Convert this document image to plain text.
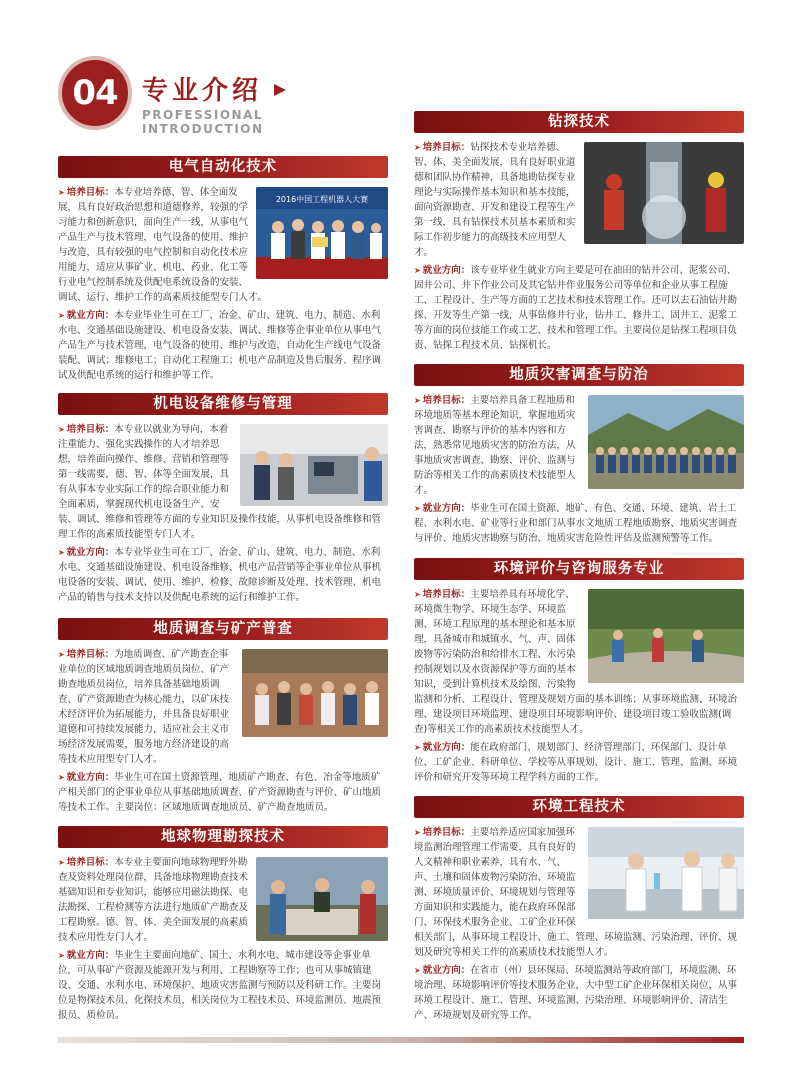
04 专业介绍
PROFESSIONAL INTRODUCTION
电气自动化技术
2016中国工程机器人大赛

➤ 培养目标：本专业培养德、智、体全面发展，具有良好政治思想和道德修养，较强的学习能力和创新意识，面向生产一线，从事电气产品生产与技术管理，电气设备的使用、维护与改造，具有较强的电气控制和自动化技术应用能力，适应从事矿业、机电、药业、化工等行业电气控制系统及供配电系统设备的安装、调试、运行、维护工作的高素质技能型专门人才。

➤ 就业方向：本专业毕业生可在工厂、冶金、矿山、建筑、电力、制造、水利水电、交通基础设施建设、机电设备安装、调试、维修等企事业单位从事电气产品生产与技术管理，电气设备的使用、维护与改造，自动化生产线电气设备装配、调试；维修电工；自动化工程施工；机电产品制造及售后服务、程序调试及供配电系统的运行和维护等工作。

机电设备维修与管理

➤ 培养目标：本专业以就业为导向，本着注重能力、强化实践操作的人才培养思想，培养面向操作、维修、营销和管理等第一线需要，德、智、体等全面发展，具有从事本专业实际工作的综合职业能力和全面素质，掌握现代机电设备生产、安装、调试、维修和管理等方面的专业知识及操作技能，从事机电设备维修和管理工作的高素质技能型专门人才。

➤ 就业方向：本专业毕业生可在工厂、冶金、矿山、建筑、电力、制造、水利水电、交通基础设施建设、机电设备维修、机电产品营销等企事业单位从事机电设备的安装、调试、使用、维护、检修、故障诊断及处理、技术管理、机电产品的销售与技术支持以及供配电系统的运行和维护工作。

地质调查与矿产普查

➤ 培养目标：为地质调查、矿产勘查企事业单位的区域地质调查地质员岗位、矿产勘查地质员岗位，培养具备基础地质调查、矿产资源勘查为核心能力，以矿床技术经济评价为拓展能力，并具备良好职业道德和可持续发展能力，适应社会主义市场经济发展需要，服务地方经济建设的高等技术应用型专门人才。

➤ 就业方向：毕业生可在国土资源管理、地质矿产勘查、有色、冶金等地质矿产相关部门的企事业单位从事基础地质调查、矿产资源勘查与评价、矿山地质等技术工作。主要岗位：区域地质调查地质员、矿产勘查地质员。

地球物理勘探技术

➤ 培养目标：本专业主要面向地球物理野外勘查及资料处理岗位群，具备地球物理勘查技术基础知识和专业知识，能够应用磁法勘探、电法勘探、工程检测等方法进行地质矿产勘查及工程勘察。德、智、体、美全面发展的高素质技术应用性专门人才。

➤ 就业方向：毕业生主要面向地矿、国土、水利水电、城市建设等企事业单位，可从事矿产资源及能源开发与利用、工程勘察等工作；也可从事城镇建设、交通、水利水电、环境保护、地质灾害监测与预防以及科研工作。主要岗位是物探技术员、化探技术员，相关岗位为工程技术员、环境监测员、地震预报员、质检员。

钻探技术

➤ 培养目标：钻探技术专业培养德、智、体、美全面发展，具有良好职业道德和团队协作精神，具备地勘钻探专业理论与实际操作基本知识和基本技能，面向资源勘查、开发和建设工程等生产第一线，具有钻探技术员基本素质和实际工作初步能力的高级技术应用型人才。

➤ 就业方向：该专业毕业生就业方向主要是可在油田的钻井公司、泥浆公司、固井公司、井下作业公司及其它钻井作业服务公司等单位和企业从事工程施工、工程设计、生产等方面的工艺技术和技术管理工作。还可以去石油钻井勘探、开发等生产第一线，从事钻修井行业，钻井工、修井工、固井工、泥浆工等方面的岗位技能工作或工艺、技术和管理工作。主要岗位是钻探工程项目负责、钻探工程技术员、钻探机长。

地质灾害调查与防治

➤ 培养目标：主要培养具备工程地质和环境地质等基本理论知识，掌握地质灾害调查、勘察与评价的基本内容和方法，熟悉常见地质灾害的防治方法，从事地质灾害调查、勘察、评价、监测与防治等相关工作的高素质技术技能型人才。

➤ 就业方向：毕业生可在国土资源、地矿、有色、交通、环境、建筑、岩土工程、水利水电、矿业等行业和部门从事水文地质工程地质勘察、地质灾害调查与评价、地质灾害勘察与防治、地质灾害危险性评估及监测预警等工作。

环境评价与咨询服务专业

➤ 培养目标：主要培养具有环境化学、环境微生物学、环境生态学、环境监测、环境工程原理的基本理论和基本原理，具备城市和城镇水、气、声、固体废物等污染防治和给排水工程、水污染控制规划以及水资源保护等方面的基本知识，受到计算机技术及绘图、污染物监测和分析、工程设计、管理及规划方面的基本训练；从事环境监测、环境治理、建设项目环境监理、建设项目环境影响评价、建设项目竣工验收监测(调查)等相关工作的高素质技术技能型人才。

➤ 就业方向：能在政府部门、规划部门、经济管理部门、环保部门、设计单位、工矿企业、科研单位、学校等从事规划、设计、施工、管理、监测、环境评价和研究开发等环境工程学科方面的工作。

环境工程技术

➤ 培养目标：主要培养适应国家加强环境监测治理管理工作需要，具有良好的人文精神和职业素养，具有水、气、声、土壤和固体废物污染防治、环境监测、环境质量评价、环境规划与管理等方面知识和实践能力，能在政府环保部门、环保技术服务企业、工矿企业环保相关部门，从事环境工程设计、施工、管理、环境监测、污染治理、评价、规划及研究等相关工作的高素质技术技能型人才。

➤ 就业方向：在省市（州）县环保局、环境监测站等政府部门，环境监测、环境治理、环境影响评价等技术服务企业，大中型工矿企业环保相关岗位，从事环境工程设计、施工、管理、环境监测、污染治理、环境影响评价、清洁生产、环境规划及研究等工作。
